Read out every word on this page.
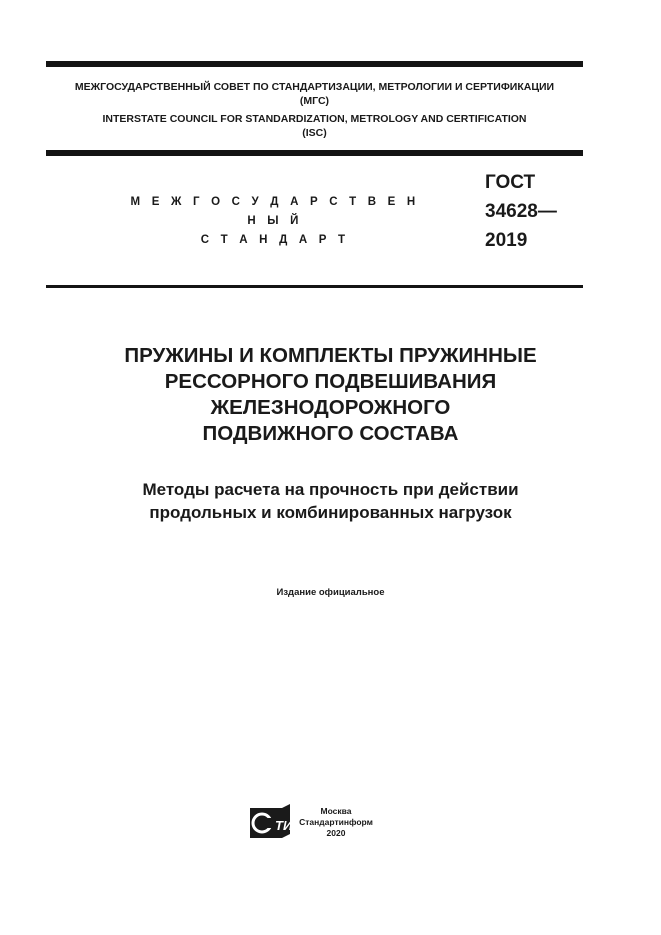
МЕЖГОСУДАРСТВЕННЫЙ СОВЕТ ПО СТАНДАРТИЗАЦИИ, МЕТРОЛОГИИ И СЕРТИФИКАЦИИ
(МГС)
INTERSTATE COUNCIL FOR STANDARDIZATION, METROLOGY AND CERTIFICATION
(ISC)
М Е Ж Г О С У Д А Р С Т В Е Н Н Ы Й
С Т А Н Д А Р Т
ГОСТ
34628—
2019
ПРУЖИНЫ И КОМПЛЕКТЫ ПРУЖИННЫЕ
РЕССОРНОГО ПОДВЕШИВАНИЯ
ЖЕЛЕЗНОДОРОЖНОГО
ПОДВИЖНОГО СОСТАВА
Методы расчета на прочность при действии
продольных и комбинированных нагрузок
Издание официальное
ТИ
Москва
Стандартинформ
2020
